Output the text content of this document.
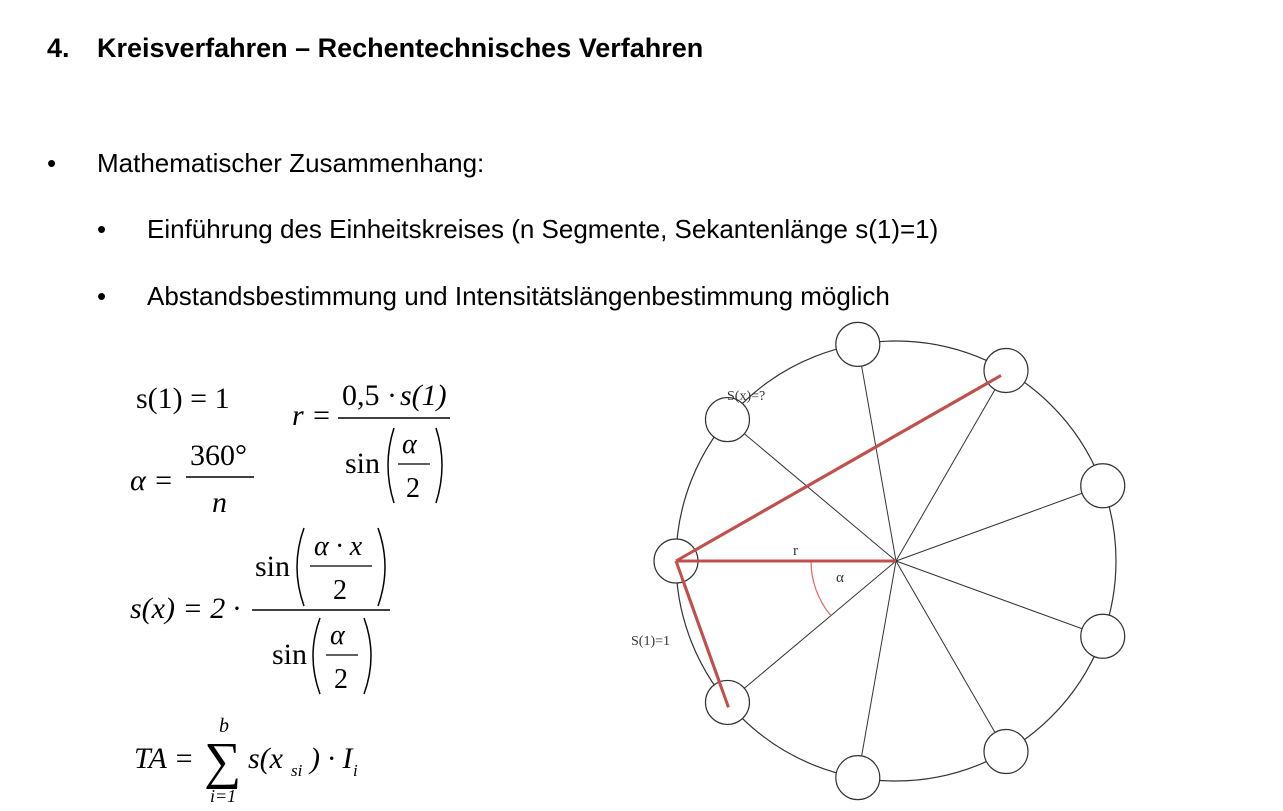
4. Kreisverfahren – Rechentechnisches Verfahren
• Mathematischer Zusammenhang:
• Einführung des Einheitskreises (n Segmente, Sekantenlänge s(1)=1)
• Abstandsbestimmung und Intensitätslängenbestimmung möglich
s(1) = 1
α =
360°
n
r =
0,5 · s(1)
sin
α
2
s(x) = 2 ·
sin
α · x
2
sin
α
2
TA =
b
∑
i=1
s(x si ) · I i
S(x)=?
r
α
S(1)=1
